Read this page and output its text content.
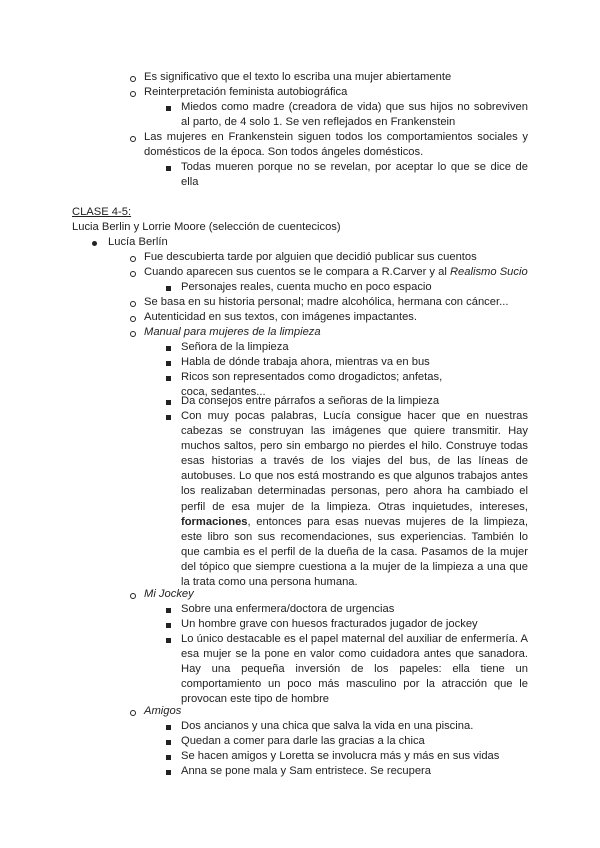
Es significativo que el texto lo escriba una mujer abiertamente
Reinterpretación feminista autobiográfica
Miedos como madre (creadora de vida) que sus hijos no sobreviven al parto, de 4 solo 1. Se ven reflejados en Frankenstein
Las mujeres en Frankenstein siguen todos los comportamientos sociales y domésticos de la época. Son todos ángeles domésticos.
Todas mueren porque no se revelan, por aceptar lo que se dice de ella
CLASE 4-5:
Lucia Berlin y Lorrie Moore (selección de cuentecicos)
Lucía Berlín
Fue descubierta tarde por alguien que decidió publicar sus cuentos
Cuando aparecen sus cuentos se le compara a R.Carver y al Realismo Sucio
Personajes reales, cuenta mucho en poco espacio
Se basa en su historia personal; madre alcohólica, hermana con cáncer...
Autenticidad en sus textos, con imágenes impactantes.
Manual para mujeres de la limpieza
Señora de la limpieza
Habla de dónde trabaja ahora, mientras va en bus
Ricos son representados como drogadictos; anfetas, coca, sedantes...
Da consejos entre párrafos a señoras de la limpieza
Con muy pocas palabras, Lucía consigue hacer que en nuestras cabezas se construyan las imágenes que quiere transmitir. Hay muchos saltos, pero sin embargo no pierdes el hilo. Construye todas esas historias a través de los viajes del bus, de las líneas de autobuses. Lo que nos está mostrando es que algunos trabajos antes los realizaban determinadas personas, pero ahora ha cambiado el perfil de esa mujer de la limpieza. Otras inquietudes, intereses, formaciones, entonces para esas nuevas mujeres de la limpieza, este libro son sus recomendaciones, sus experiencias. También lo que cambia es el perfil de la dueña de la casa. Pasamos de la mujer del tópico que siempre cuestiona a la mujer de la limpieza a una que la trata como una persona humana.
Mi Jockey
Sobre una enfermera/doctora de urgencias
Un hombre grave con huesos fracturados jugador de jockey
Lo único destacable es el papel maternal del auxiliar de enfermería. A esa mujer se la pone en valor como cuidadora antes que sanadora. Hay una pequeña inversión de los papeles: ella tiene un comportamiento un poco más masculino por la atracción que le provocan este tipo de hombre
Amigos
Dos ancianos y una chica que salva la vida en una piscina.
Quedan a comer para darle las gracias a la chica
Se hacen amigos y Loretta se involucra más y más en sus vidas
Anna se pone mala y Sam entristece. Se recupera
